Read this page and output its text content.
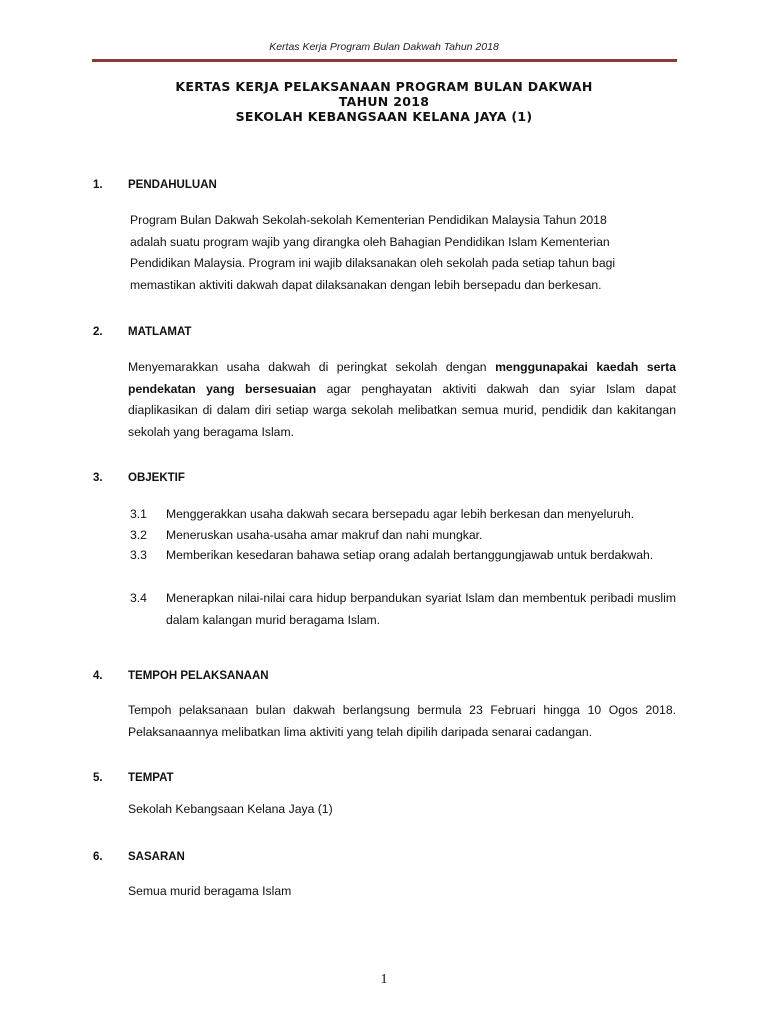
Kertas Kerja Program Bulan Dakwah Tahun 2018
KERTAS KERJA PELAKSANAAN PROGRAM BULAN DAKWAH
TAHUN 2018
SEKOLAH KEBANGSAAN KELANA JAYA (1)
1. PENDAHULUAN
Program Bulan Dakwah Sekolah-sekolah Kementerian Pendidikan Malaysia Tahun 2018
adalah suatu program wajib yang dirangka oleh Bahagian Pendidikan Islam Kementerian
Pendidikan Malaysia. Program ini wajib dilaksanakan oleh sekolah pada setiap tahun bagi
memastikan aktiviti dakwah dapat dilaksanakan dengan lebih bersepadu dan berkesan.
2. MATLAMAT
Menyemarakkan usaha dakwah di peringkat sekolah dengan menggunapakai kaedah serta pendekatan yang bersesuaian agar penghayatan aktiviti dakwah dan syiar Islam dapat diaplikasikan di dalam diri setiap warga sekolah melibatkan semua murid, pendidik dan kakitangan sekolah yang beragama Islam.
3. OBJEKTIF
3.1 Menggerakkan usaha dakwah secara bersepadu agar lebih berkesan dan menyeluruh.
3.2 Meneruskan usaha-usaha amar makruf dan nahi mungkar.
3.3 Memberikan kesedaran bahawa setiap orang adalah bertanggungjawab untuk berdakwah.
3.4 Menerapkan nilai-nilai cara hidup berpandukan syariat Islam dan membentuk peribadi muslim dalam kalangan murid beragama Islam.
4. TEMPOH PELAKSANAAN
Tempoh pelaksanaan bulan dakwah berlangsung bermula 23 Februari hingga 10 Ogos 2018. Pelaksanaannya melibatkan lima aktiviti yang telah dipilih daripada senarai cadangan.
5. TEMPAT
Sekolah Kebangsaan Kelana Jaya (1)
6. SASARAN
Semua murid beragama Islam
1
